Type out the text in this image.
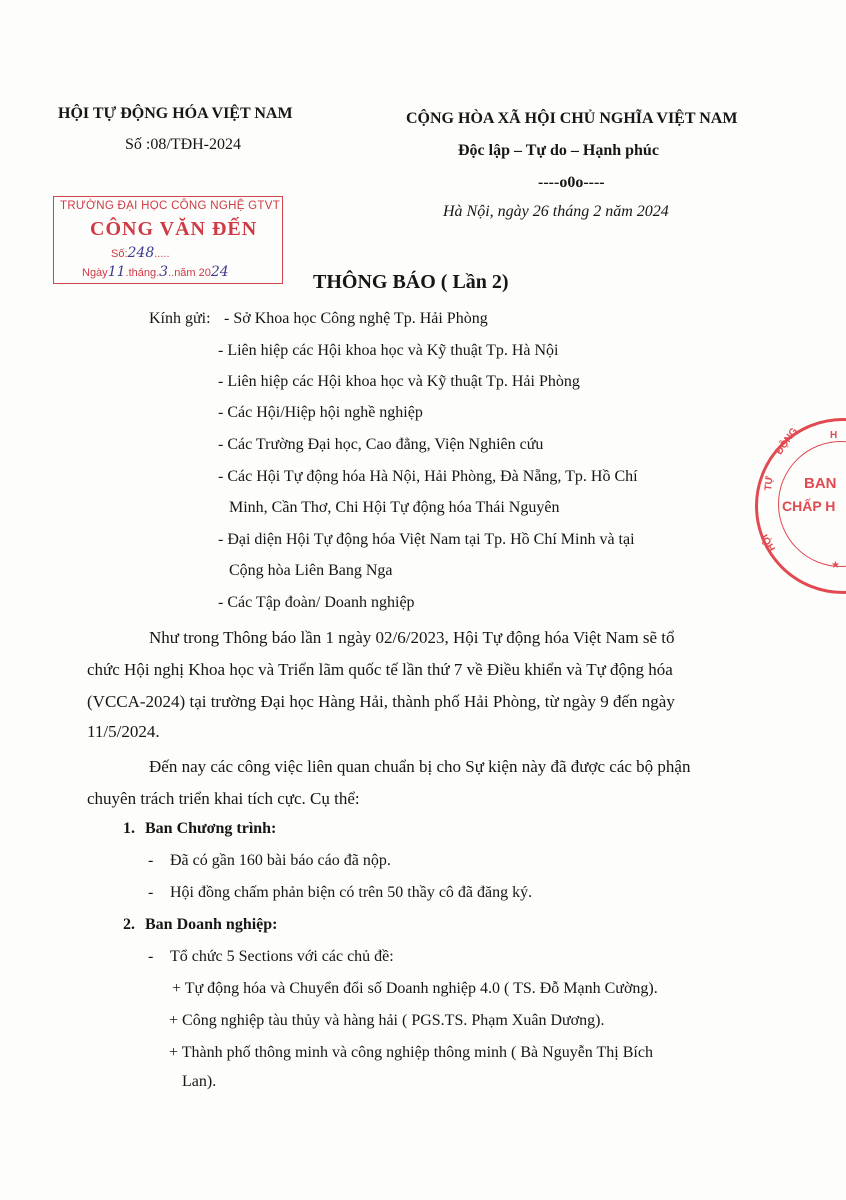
HỘI TỰ ĐỘNG HÓA VIỆT NAM
Số :08/TĐH-2024
CỘNG HÒA XÃ HỘI CHỦ NGHĨA VIỆT NAM
Độc lập – Tự do – Hạnh phúc
----o0o----
Hà Nội, ngày 26 tháng 2 năm 2024
TRƯỜNG ĐẠI HỌC CÔNG NGHỆ GTVT
CÔNG VĂN ĐẾN
Số:248.....
Ngày11.tháng.3..năm 2024	THÔNG BÁO ( Lần 2)
Kính gửi: - Sở Khoa học Công nghệ Tp. Hải Phòng
- Liên hiệp các Hội khoa học và Kỹ thuật Tp. Hà Nội
- Liên hiệp các Hội khoa học và Kỹ thuật Tp. Hải Phòng
- Các Hội/Hiệp hội nghề nghiệp
- Các Trường Đại học, Cao đẳng, Viện Nghiên cứu
- Các Hội Tự động hóa Hà Nội, Hải Phòng, Đà Nẵng, Tp. Hồ Chí
Minh, Cần Thơ, Chi Hội Tự động hóa Thái Nguyên
- Đại diện Hội Tự động hóa Việt Nam tại Tp. Hồ Chí Minh và tại
Cộng hòa Liên Bang Nga
- Các Tập đoàn/ Doanh nghiệp
BAN
CHẤP H
ĐỘNG
TỰ
HỘI
H
★
Như trong Thông báo lần 1 ngày 02/6/2023, Hội Tự động hóa Việt Nam sẽ tổ
chức Hội nghị Khoa học và Triển lãm quốc tế lần thứ 7 về Điều khiển và Tự động hóa
(VCCA-2024) tại trường Đại học Hàng Hải, thành phố Hải Phòng, từ ngày 9 đến ngày
11/5/2024.
Đến nay các công việc liên quan chuẩn bị cho Sự kiện này đã được các bộ phận
chuyên trách triển khai tích cực. Cụ thể:
1. Ban Chương trình:
- Đã có gần 160 bài báo cáo đã nộp.
- Hội đồng chấm phản biện có trên 50 thầy cô đã đăng ký.
2. Ban Doanh nghiệp:
- Tổ chức 5 Sections với các chủ đề:
+ Tự động hóa và Chuyển đổi số Doanh nghiệp 4.0 ( TS. Đỗ Mạnh Cường).
+ Công nghiệp tàu thủy và hàng hải ( PGS.TS. Phạm Xuân Dương).
+ Thành phố thông minh và công nghiệp thông minh ( Bà Nguyễn Thị Bích
Lan).
